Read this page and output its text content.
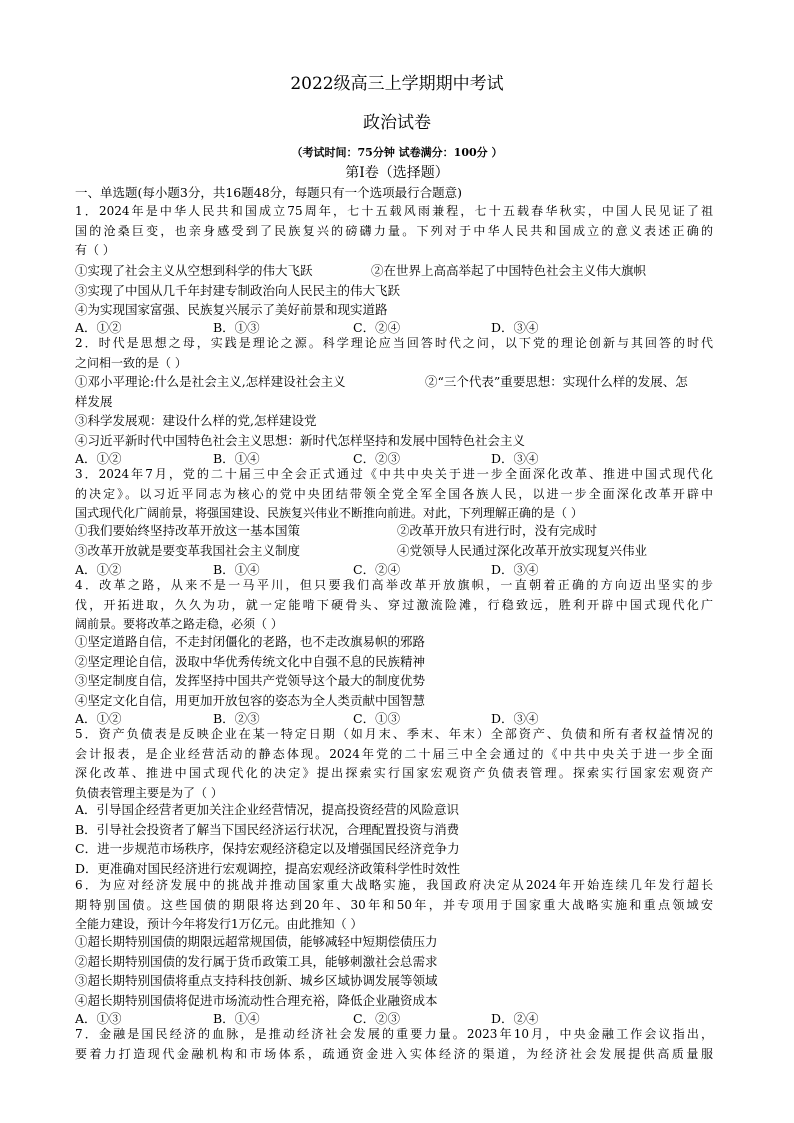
2022级高三上学期期中考试
政治试卷
（考试时间：75分钟 试卷满分：100分 ）
第Ⅰ卷（选择题）
一、单选题(每小题3分，共16题48分，每题只有一个选项最行合题意)
1．2024年是中华人民共和国成立75周年，七十五载风雨兼程，七十五载春华秋实，中国人民见证了祖
国的沧桑巨变，也亲身感受到了民族复兴的磅礴力量。下列对于中华人民共和国成立的意义表述正确的
有（ ）
①实现了社会主义从空想到科学的伟大飞跃	②在世界上高高举起了中国特色社会主义伟大旗帜
③实现了中国从几千年封建专制政治向人民民主的伟大飞跃
④为实现国家富强、民族复兴展示了美好前景和现实道路
A．①②	B．①③	C．②④	D．③④
2．时代是思想之母，实践是理论之源。科学理论应当回答时代之问，以下党的理论创新与其回答的时代
之问相一致的是（ ）
①邓小平理论:什么是社会主义,怎样建设社会主义	②“三个代表”重要思想：实现什么样的发展、怎
样发展
③科学发展观：建设什么样的党,怎样建设党
④习近平新时代中国特色社会主义思想：新时代怎样坚持和发展中国特色社会主义
A．①②	B．①④	C．②③	D．③④
3．2024年7月，党的二十届三中全会正式通过《中共中央关于进一步全面深化改革、推进中国式现代化
的决定》。以习近平同志为核心的党中央团结带领全党全军全国各族人民，以进一步全面深化改革开辟中
国式现代化广阔前景，将强国建设、民族复兴伟业不断推向前进。对此，下列理解正确的是（ ）
①我们要始终坚持改革开放这一基本国策	②改革开放只有进行时，没有完成时
③改革开放就是要变革我国社会主义制度	④党领导人民通过深化改革开放实现复兴伟业
A．①②	B．①④	C．②④	D．③④
4．改革之路，从来不是一马平川，但只要我们高举改革开放旗帜，一直朝着正确的方向迈出坚实的步
伐，开拓进取，久久为功，就一定能啃下硬骨头、穿过激流险滩，行稳致远，胜利开辟中国式现代化广
阔前景。要将改革之路走稳，必须（ ）
①坚定道路自信，不走封闭僵化的老路，也不走改旗易帜的邪路
②坚定理论自信，汲取中华优秀传统文化中自强不息的民族精神
③坚定制度自信，发挥坚持中国共产党领导这个最大的制度优势
④坚定文化自信，用更加开放包容的姿态为全人类贡献中国智慧
A．①②	B．②③	C．①③	D．③④
5．资产负债表是反映企业在某一特定日期（如月末、季末、年末）全部资产、负债和所有者权益情况的
会计报表，是企业经营活动的静态体现。2024年党的二十届三中全会通过的《中共中央关于进一步全面
深化改革、推进中国式现代化的决定》提出探索实行国家宏观资产负债表管理。探索实行国家宏观资产
负债表管理主要是为了（ ）
A．引导国企经营者更加关注企业经营情况，提高投资经营的风险意识
B．引导社会投资者了解当下国民经济运行状况，合理配置投资与消费
C．进一步规范市场秩序，保持宏观经济稳定以及增强国民经济竞争力
D．更准确对国民经济进行宏观调控，提高宏观经济政策科学性时效性
6．为应对经济发展中的挑战并推动国家重大战略实施，我国政府决定从2024年开始连续几年发行超长
期特别国债。这些国债的期限将达到20年、30年和50年，并专项用于国家重大战略实施和重点领域安
全能力建设，预计今年将发行1万亿元。由此推知（ ）
①超长期特别国债的期限远超常规国债，能够减轻中短期偿债压力
②超长期特别国债的发行属于货币政策工具，能够刺激社会总需求
③超长期特别国债将重点支持科技创新、城乡区域协调发展等领域
④超长期特别国债将促进市场流动性合理充裕，降低企业融资成本
A．①③	B．①④	C．②③	D．②④
7．金融是国民经济的血脉，是推动经济社会发展的重要力量。2023年10月，中央金融工作会议指出，
要着力打造现代金融机构和市场体系，疏通资金进入实体经济的渠道，为经济社会发展提供高质量服
